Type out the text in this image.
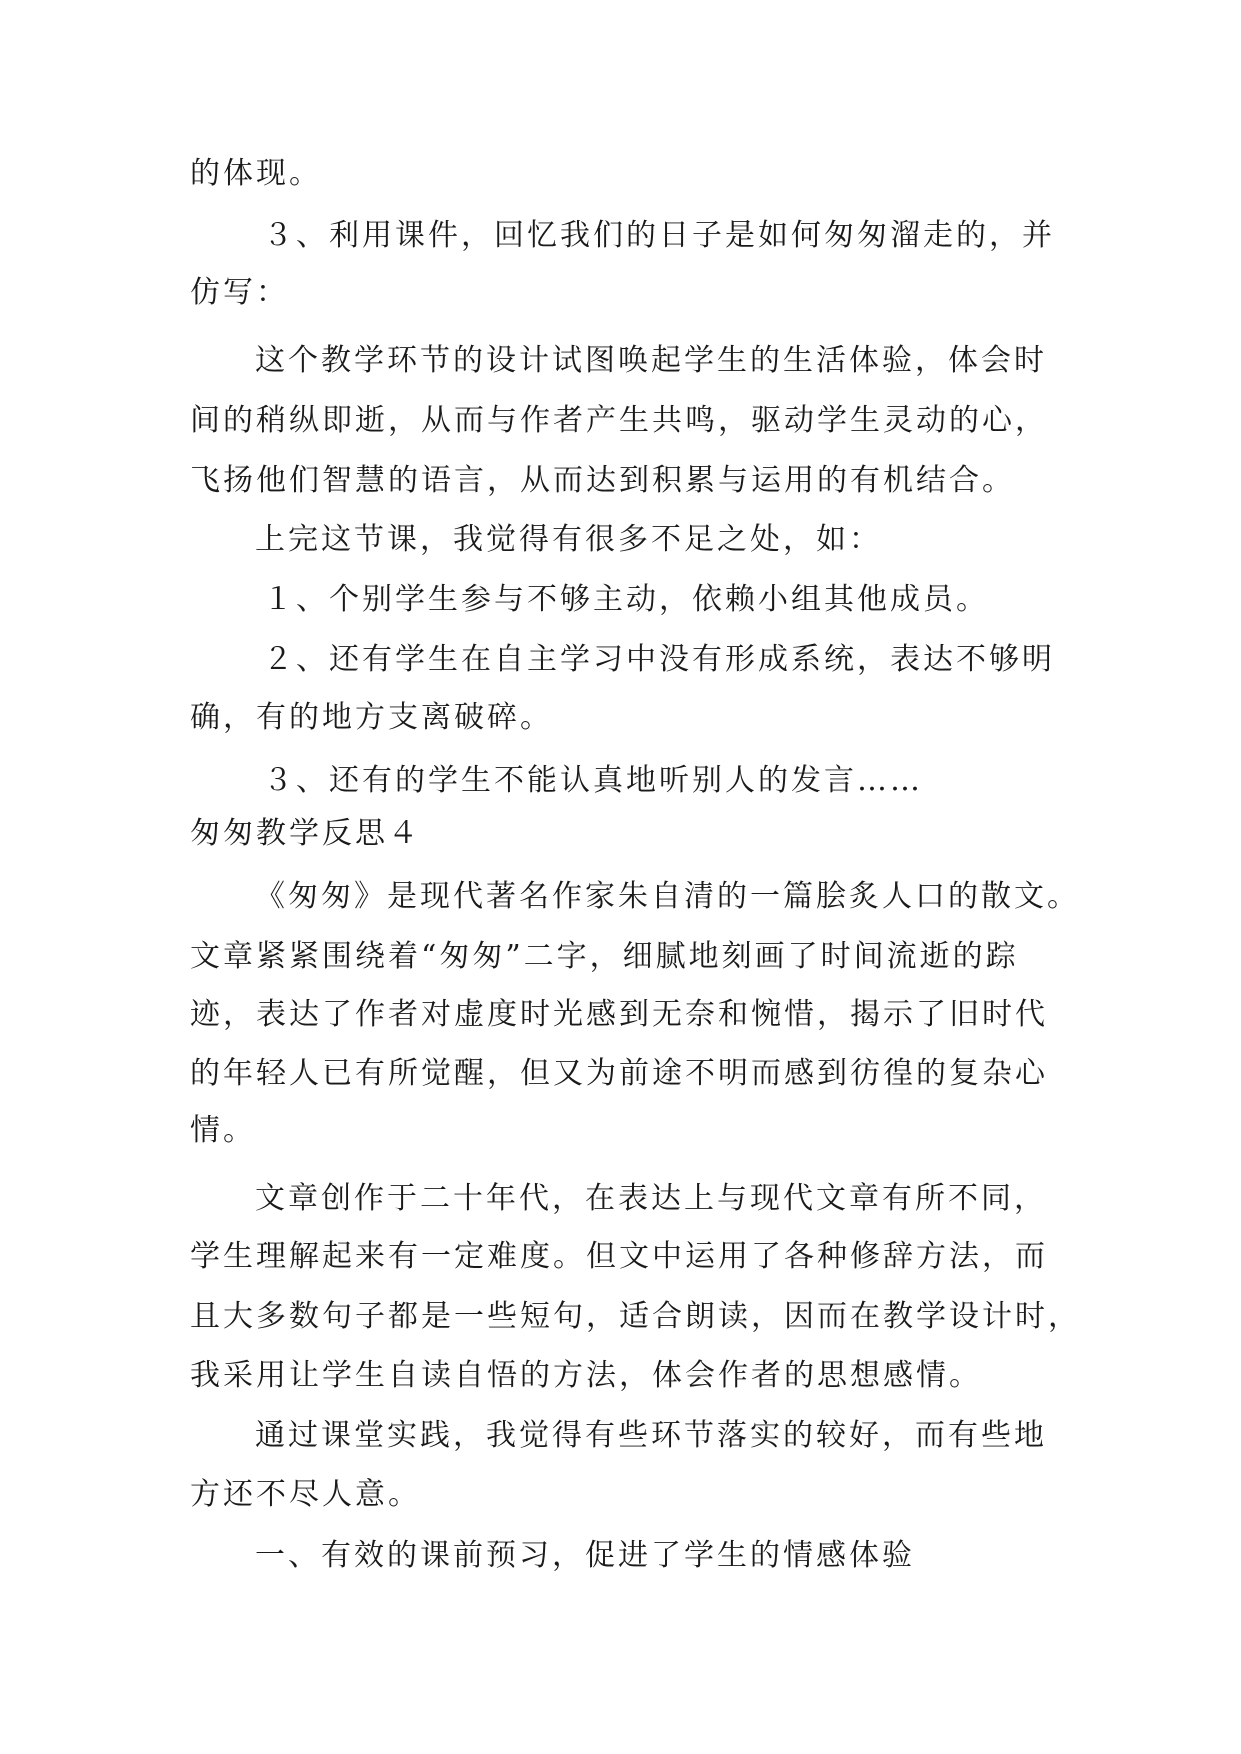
的体现。
３、利用课件，回忆我们的日子是如何匆匆溜走的，并
仿写：
这个教学环节的设计试图唤起学生的生活体验，体会时
间的稍纵即逝，从而与作者产生共鸣，驱动学生灵动的心，
飞扬他们智慧的语言，从而达到积累与运用的有机结合。
上完这节课，我觉得有很多不足之处，如：
１、个别学生参与不够主动，依赖小组其他成员。
２、还有学生在自主学习中没有形成系统，表达不够明
确，有的地方支离破碎。
３、还有的学生不能认真地听别人的发言……
匆匆教学反思４
《匆匆》是现代著名作家朱自清的一篇脍炙人口的散文。
文章紧紧围绕着“匆匆”二字，细腻地刻画了时间流逝的踪
迹，表达了作者对虚度时光感到无奈和惋惜，揭示了旧时代
的年轻人已有所觉醒，但又为前途不明而感到彷徨的复杂心
情。
文章创作于二十年代，在表达上与现代文章有所不同，
学生理解起来有一定难度。但文中运用了各种修辞方法，而
且大多数句子都是一些短句，适合朗读，因而在教学设计时，
我采用让学生自读自悟的方法，体会作者的思想感情。
通过课堂实践，我觉得有些环节落实的较好，而有些地
方还不尽人意。
一、有效的课前预习，促进了学生的情感体验
